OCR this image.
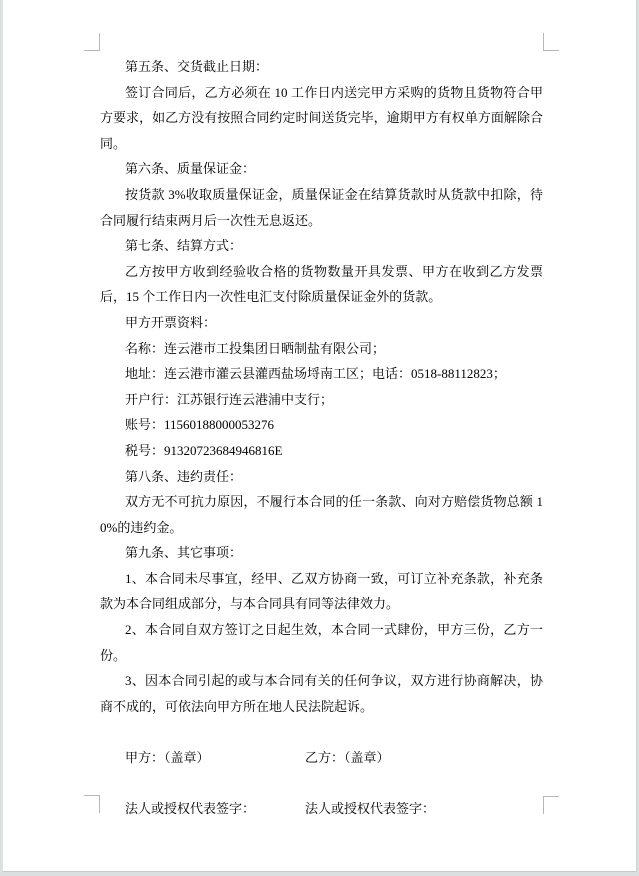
第五条、交货截止日期：

签订合同后，乙方必须在 10 工作日内送完甲方采购的货物且货物符合甲方要求，如乙方没有按照合同约定时间送货完毕，逾期甲方有权单方面解除合同。

第六条、质量保证金：

按货款 3%收取质量保证金，质量保证金在结算货款时从货款中扣除，待合同履行结束两月后一次性无息返还。

第七条、结算方式：

乙方按甲方收到经验收合格的货物数量开具发票、甲方在收到乙方发票后，15 个工作日内一次性电汇支付除质量保证金外的货款。

甲方开票资料：

名称：连云港市工投集团日晒制盐有限公司；

地址：连云港市灌云县灌西盐场埒南工区；电话：0518-88112823；

开户行：江苏银行连云港浦中支行；

账号：11560188000053276

税号：91320723684946816E

第八条、违约责任：

双方无不可抗力原因，不履行本合同的任一条款、向对方赔偿货物总额 10%的违约金。

第九条、其它事项：

1、本合同未尽事宜，经甲、乙双方协商一致，可订立补充条款，补充条款为本合同组成部分，与本合同具有同等法律效力。

2、本合同自双方签订之日起生效，本合同一式肆份，甲方三份，乙方一份。

3、因本合同引起的或与本合同有关的任何争议，双方进行协商解决，协商不成的，可依法向甲方所在地人民法院起诉。

甲方：（盖章）	乙方：（盖章）
法人或授权代表签字：	法人或授权代表签字：
